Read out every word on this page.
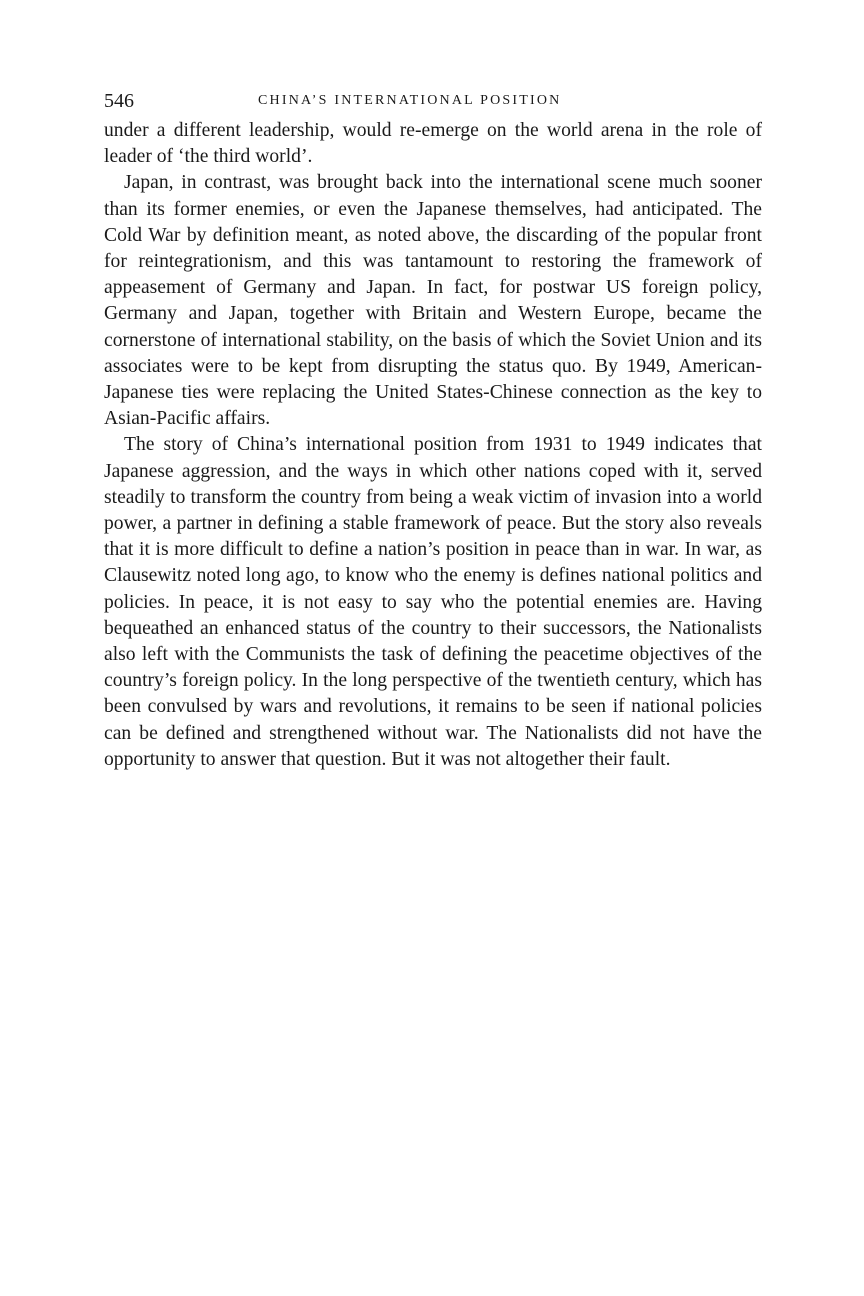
546	CHINA’S INTERNATIONAL POSITION

under a different leadership, would re-emerge on the world arena in the role of leader of ‘the third world’.

Japan, in contrast, was brought back into the international scene much sooner than its former enemies, or even the Japanese themselves, had anticipated. The Cold War by definition meant, as noted above, the discarding of the popular front for reintegrationism, and this was tantamount to restoring the framework of appeasement of Germany and Japan. In fact, for postwar US foreign policy, Germany and Japan, together with Britain and Western Europe, became the cornerstone of international stability, on the basis of which the Soviet Union and its associates were to be kept from disrupting the status quo. By 1949, American-Japanese ties were replacing the United States-Chinese connection as the key to Asian-Pacific affairs.

The story of China’s international position from 1931 to 1949 indicates that Japanese aggression, and the ways in which other nations coped with it, served steadily to transform the country from being a weak victim of invasion into a world power, a partner in defining a stable framework of peace. But the story also reveals that it is more difficult to define a nation’s position in peace than in war. In war, as Clausewitz noted long ago, to know who the enemy is defines national politics and policies. In peace, it is not easy to say who the potential enemies are. Having bequeathed an enhanced status of the country to their successors, the Nationalists also left with the Communists the task of defining the peacetime objectives of the country’s foreign policy. In the long perspective of the twentieth century, which has been convulsed by wars and revolutions, it remains to be seen if national policies can be defined and strengthened without war. The Nationalists did not have the opportunity to answer that question. But it was not altogether their fault.
